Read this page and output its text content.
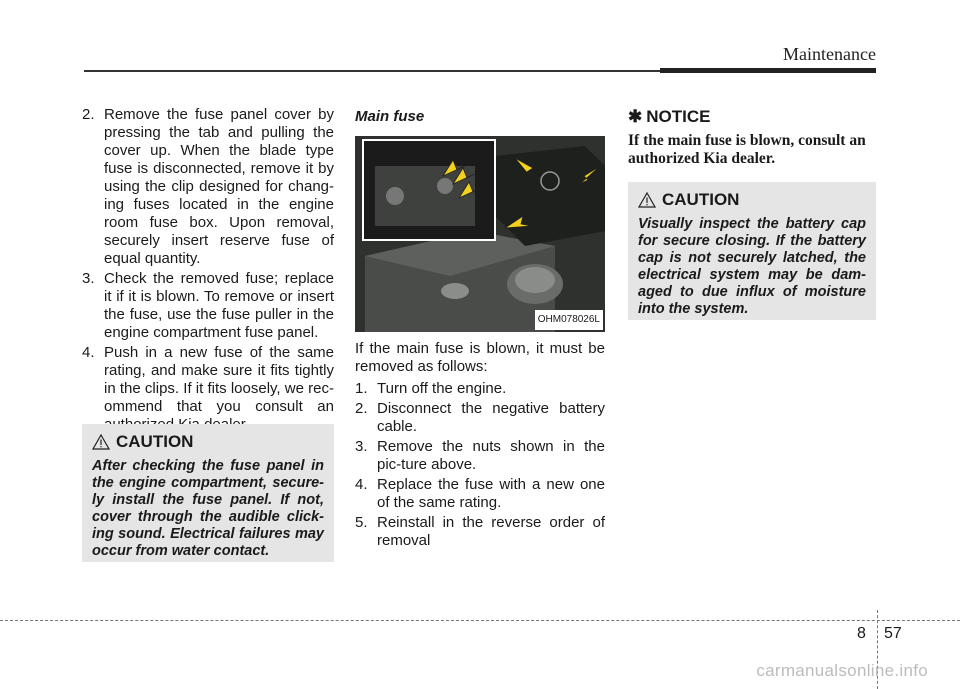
Maintenance
2. Remove the fuse panel cover by pressing the tab and pulling the cover up. When the blade type fuse is disconnected, remove it by using the clip designed for chang-ing fuses located in the engine room fuse box. Upon removal, securely insert reserve fuse of equal quantity.
3. Check the removed fuse; replace it if it is blown. To remove or insert the fuse, use the fuse puller in the engine compartment fuse panel.
4. Push in a new fuse of the same rating, and make sure it fits tightly in the clips. If it fits loosely, we rec-ommend that you consult an
CAUTION
After checking the fuse panel in the engine compartment, secure-ly install the fuse panel. If not, cover through the audible click-ing sound. Electrical failures may occur from water contact.
Main fuse
OHM078026L
If the main fuse is blown, it must be removed as follows:
1. Turn off the engine.
2. Disconnect the negative battery cable.
3. Remove the nuts shown in the pic-ture above.
4. Replace the fuse with a new one of the same rating.
5. Reinstall in the reverse order of removal
✱ NOTICE
If the main fuse is blown, consult an authorized Kia dealer.
CAUTION
Visually inspect the battery cap for secure closing. If the battery cap is not securely latched, the electrical system may be dam-aged to due influx of moisture into the system.
8 57
carmanualsonline.info
